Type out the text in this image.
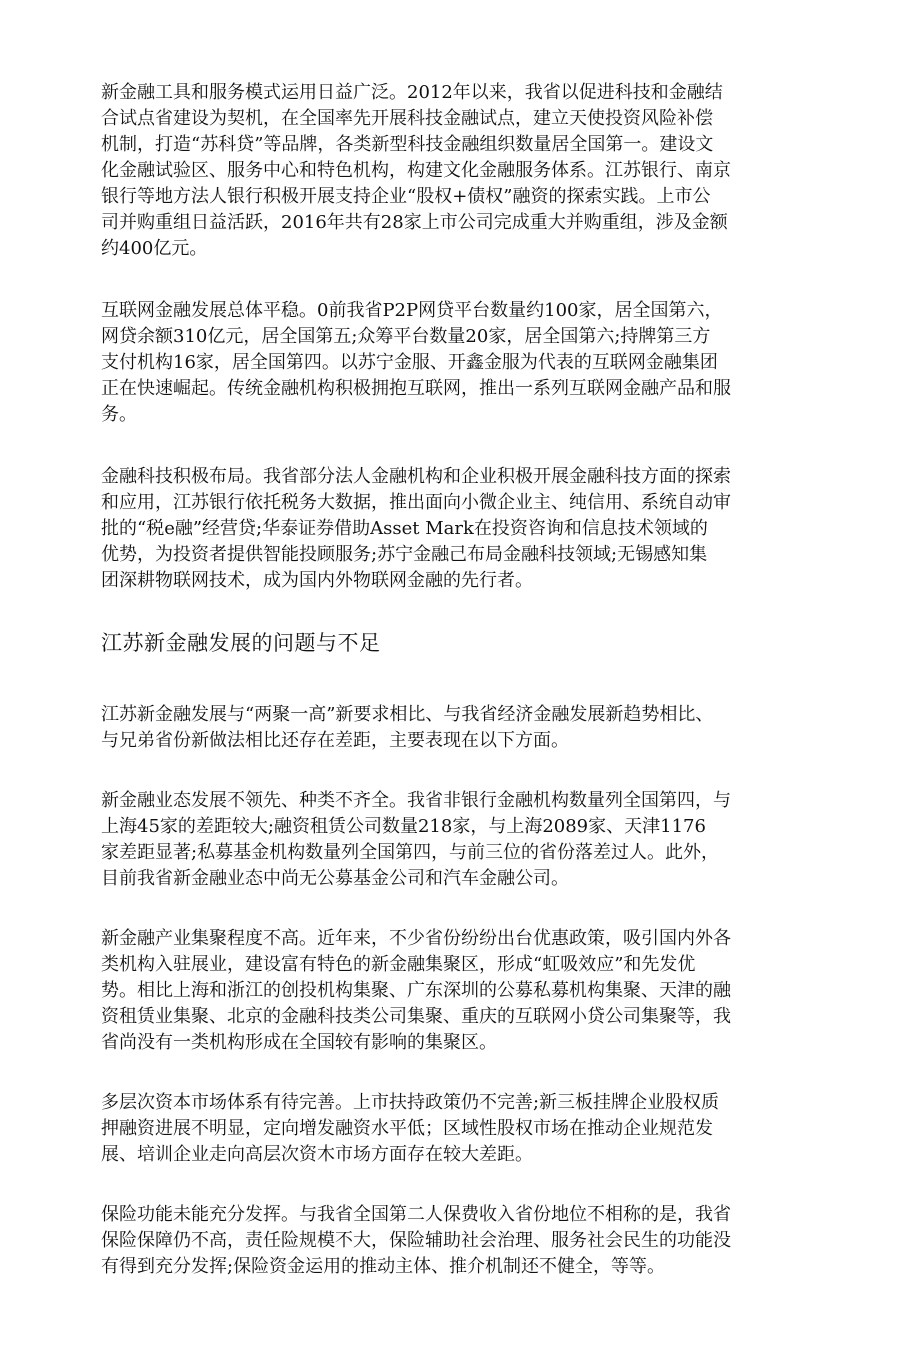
新金融工具和服务模式运用日益广泛。2012年以来，我省以促进科技和金融结
合试点省建设为契机，在全国率先开展科技金融试点，建立天使投资风险补偿
机制，打造“苏科贷”等品牌，各类新型科技金融组织数量居全国第一。建设文
化金融试验区、服务中心和特色机构，构建文化金融服务体系。江苏银行、南京
银行等地方法人银行积极开展支持企业“股权+债权”融资的探索实践。上市公
司并购重组日益活跃，2016年共有28家上市公司完成重大并购重组，涉及金额
约400亿元。

互联网金融发展总体平稳。0前我省P2P网贷平台数量约100家，居全国第六，
网贷余额310亿元，居全国第五;众筹平台数量20家，居全国第六;持牌第三方
支付机构16家，居全国第四。以苏宁金服、开鑫金服为代表的互联网金融集团
正在快速崛起。传统金融机构积极拥抱互联网，推出一系列互联网金融产品和服
务。

金融科技积极布局。我省部分法人金融机构和企业积极开展金融科技方面的探索
和应用，江苏银行依托税务大数据，推出面向小微企业主、纯信用、系统自动审
批的“税e融”经营贷;华泰证券借助Asset Mark在投资咨询和信息技术领域的
优势，为投资者提供智能投顾服务;苏宁金融己布局金融科技领域;无锡感知集
团深耕物联网技术，成为国内外物联网金融的先行者。

江苏新金融发展的问题与不足

江苏新金融发展与“两聚一高”新要求相比、与我省经济金融发展新趋势相比、
与兄弟省份新做法相比还存在差距，主要表现在以下方面。

新金融业态发展不领先、种类不齐全。我省非银行金融机构数量列全国第四，与
上海45家的差距较大;融资租赁公司数量218家，与上海2089家、天津1176
家差距显著;私募基金机构数量列全国第四，与前三位的省份落差过人。此外，
目前我省新金融业态中尚无公募基金公司和汽车金融公司。

新金融产业集聚程度不高。近年来，不少省份纷纷出台优惠政策，吸引国内外各
类机构入驻展业，建设富有特色的新金融集聚区，形成“虹吸效应”和先发优
势。相比上海和浙江的创投机构集聚、广东深圳的公募私募机构集聚、天津的融
资租赁业集聚、北京的金融科技类公司集聚、重庆的互联网小贷公司集聚等，我
省尚没有一类机构形成在全国较有影响的集聚区。

多层次资本市场体系有待完善。上市扶持政策仍不完善;新三板挂牌企业股权质
押融资进展不明显，定向增发融资水平低；区域性股权市场在推动企业规范发
展、培训企业走向高层次资木市场方面存在较大差距。

保险功能未能充分发挥。与我省全国第二人保费收入省份地位不相称的是，我省
保险保障仍不高，责任险规模不大，保险辅助社会治理、服务社会民生的功能没
有得到充分发挥;保险资金运用的推动主体、推介机制还不健全，等等。
